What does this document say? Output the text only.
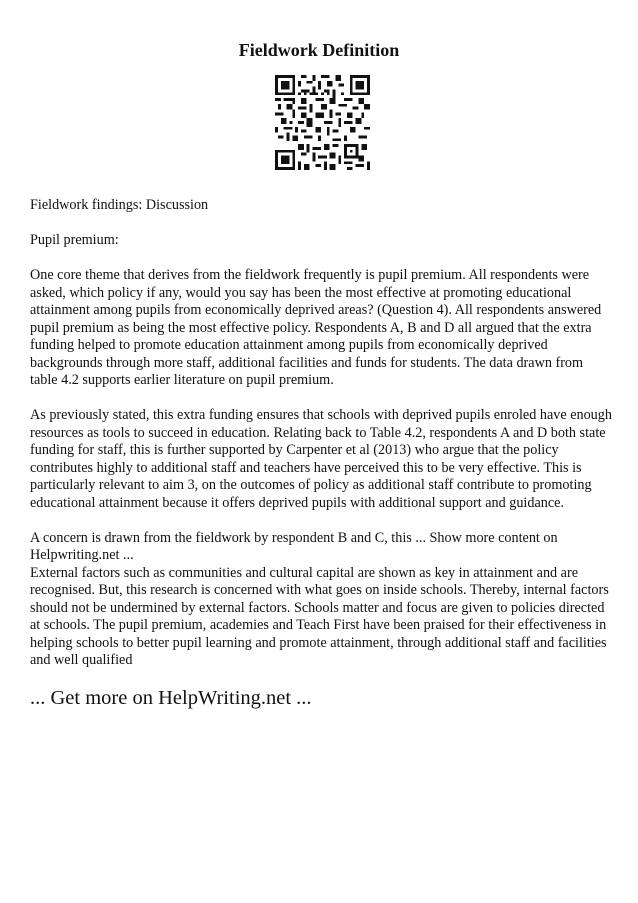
Fieldwork Definition

Fieldwork findings: Discussion

Pupil premium:

One core theme that derives from the fieldwork frequently is pupil premium. All respondents were asked, which policy if any, would you say has been the most effective at promoting educational attainment among pupils from economically deprived areas? (Question 4). All respondents answered pupil premium as being the most effective policy. Respondents A, B and D all argued that the extra funding helped to promote education attainment among pupils from economically deprived backgrounds through more staff, additional facilities and funds for students. The data drawn from table 4.2 supports earlier literature on pupil premium.

As previously stated, this extra funding ensures that schools with deprived pupils enroled have enough resources as tools to succeed in education. Relating back to Table 4.2, respondents A and D both state funding for staff, this is further supported by Carpenter et al (2013) who argue that the policy contributes highly to additional staff and teachers have perceived this to be very effective. This is particularly relevant to aim 3, on the outcomes of policy as additional staff contribute to promoting educational attainment because it offers deprived pupils with additional support and guidance.

A concern is drawn from the fieldwork by respondent B and C, this ... Show more content on Helpwriting.net ...

External factors such as communities and cultural capital are shown as key in attainment and are recognised. But, this research is concerned with what goes on inside schools. Thereby, internal factors should not be undermined by external factors. Schools matter and focus are given to policies directed at schools. The pupil premium, academies and Teach First have been praised for their effectiveness in helping schools to better pupil learning and promote attainment, through additional staff and facilities and well qualified

... Get more on HelpWriting.net ...
